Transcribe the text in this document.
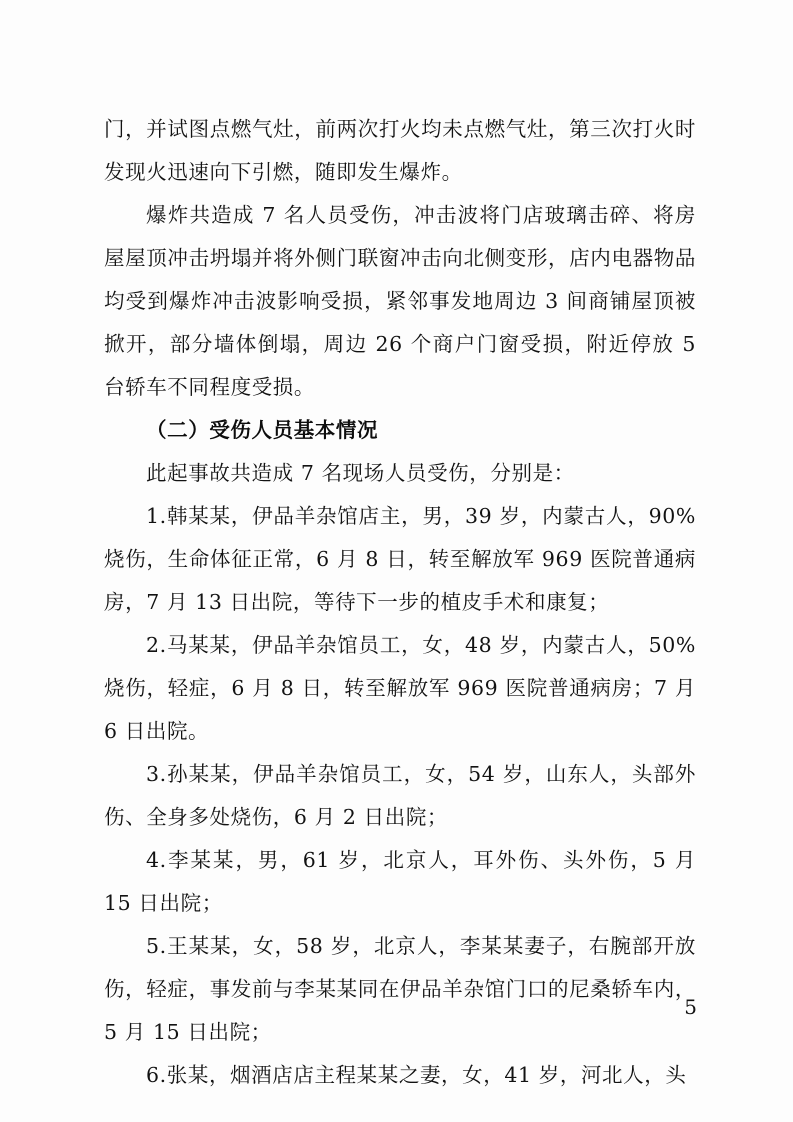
门，并试图点燃气灶，前两次打火均未点燃气灶，第三次打火时发现火迅速向下引燃，随即发生爆炸。

爆炸共造成 7 名人员受伤，冲击波将门店玻璃击碎、将房屋屋顶冲击坍塌并将外侧门联窗冲击向北侧变形，店内电器物品均受到爆炸冲击波影响受损，紧邻事发地周边 3 间商铺屋顶被掀开，部分墙体倒塌，周边 26 个商户门窗受损，附近停放 5 台轿车不同程度受损。

（二）受伤人员基本情况

此起事故共造成 7 名现场人员受伤，分别是：

1.韩某某，伊品羊杂馆店主，男，39 岁，内蒙古人，90%烧伤，生命体征正常，6 月 8 日，转至解放军 969 医院普通病房，7 月 13 日出院，等待下一步的植皮手术和康复；

2.马某某，伊品羊杂馆员工，女，48 岁，内蒙古人，50%烧伤，轻症，6 月 8 日，转至解放军 969 医院普通病房；7 月 6 日出院。

3.孙某某，伊品羊杂馆员工，女，54 岁，山东人，头部外伤、全身多处烧伤，6 月 2 日出院；

4.李某某，男，61 岁，北京人，耳外伤、头外伤，5 月 15 日出院；

5.王某某，女，58 岁，北京人，李某某妻子，右腕部开放伤，轻症，事发前与李某某同在伊品羊杂馆门口的尼桑轿车内，5 月 15 日出院；

6.张某，烟酒店店主程某某之妻，女，41 岁，河北人，头

5
